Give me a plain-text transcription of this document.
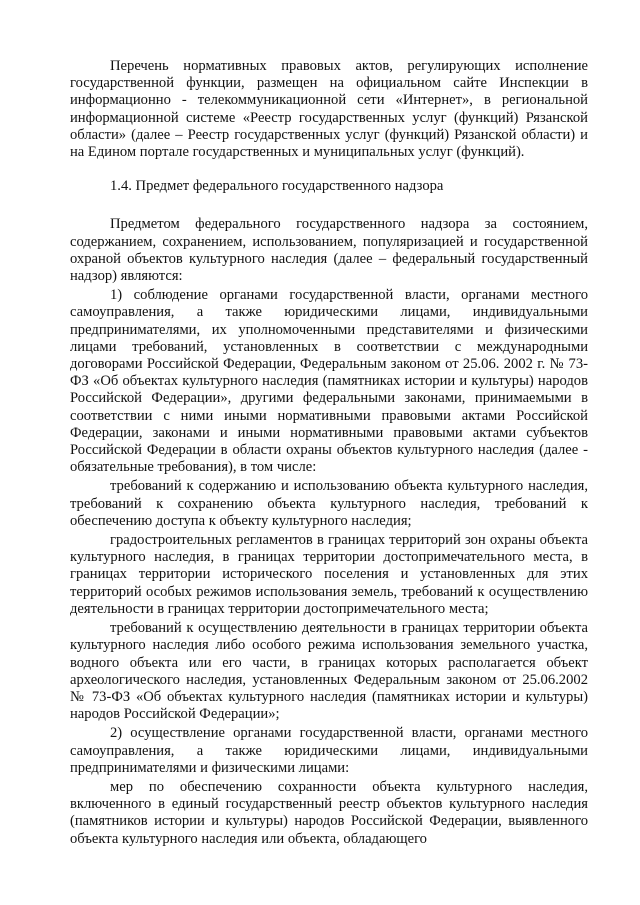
Перечень нормативных правовых актов, регулирующих исполнение государственной функции, размещен на официальном сайте Инспекции в информационно - телекоммуникационной сети «Интернет», в региональной информационной системе «Реестр государственных услуг (функций) Рязанской области» (далее – Реестр государственных услуг (функций) Рязанской области) и на Едином портале государственных и муниципальных услуг (функций).

1.4. Предмет федерального государственного надзора

Предметом федерального государственного надзора за состоянием, содержанием, сохранением, использованием, популяризацией и государственной охраной объектов культурного наследия (далее – федеральный государственный надзор) являются:

1) соблюдение органами государственной власти, органами местного самоуправления, а также юридическими лицами, индивидуальными предпринимателями, их уполномоченными представителями и физическими лицами требований, установленных в соответствии с международными договорами Российской Федерации, Федеральным законом от 25.06. 2002 г. № 73-ФЗ «Об объектах культурного наследия (памятниках истории и культуры) народов Российской Федерации», другими федеральными законами, принимаемыми в соответствии с ними иными нормативными правовыми актами Российской Федерации, законами и иными нормативными правовыми актами субъектов Российской Федерации в области охраны объектов культурного наследия (далее - обязательные требования), в том числе:

требований к содержанию и использованию объекта культурного наследия, требований к сохранению объекта культурного наследия, требований к обеспечению доступа к объекту культурного наследия;

градостроительных регламентов в границах территорий зон охраны объекта культурного наследия, в границах территории достопримечательного места, в границах территории исторического поселения и установленных для этих территорий особых режимов использования земель, требований к осуществлению деятельности в границах территории достопримечательного места;

требований к осуществлению деятельности в границах территории объекта культурного наследия либо особого режима использования земельного участка, водного объекта или его части, в границах которых располагается объект археологического наследия, установленных Федеральным законом от 25.06.2002 № 73-ФЗ «Об объектах культурного наследия (памятниках истории и культуры) народов Российской Федерации»;

2) осуществление органами государственной власти, органами местного самоуправления, а также юридическими лицами, индивидуальными предпринимателями и физическими лицами:

мер по обеспечению сохранности объекта культурного наследия, включенного в единый государственный реестр объектов культурного наследия (памятников истории и культуры) народов Российской Федерации, выявленного объекта культурного наследия или объекта, обладающего
